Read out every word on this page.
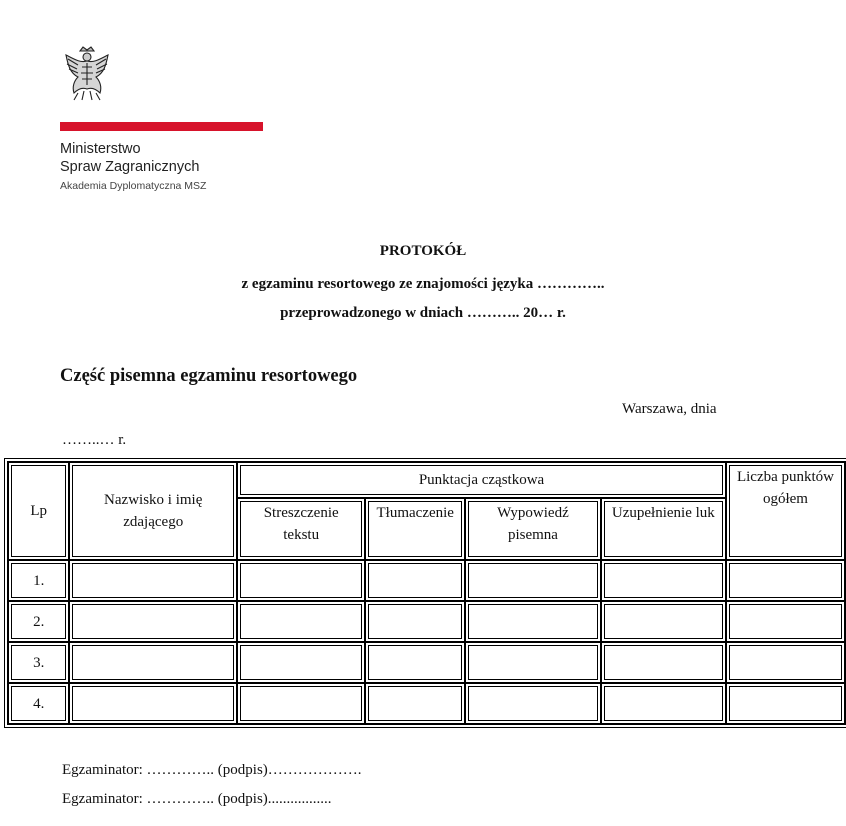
Ministerstwo
Spraw Zagranicznych
Akademia Dyplomatyczna MSZ
PROTOKÓŁ
z egzaminu resortowego ze znajomości języka …………..
przeprowadzonego w dniach ……….. 20… r.
Część pisemna egzaminu resortowego
Warszawa, dnia
……..… r.
Lp	Nazwisko i imię zdającego	Punktacja cząstkowa				Liczba punktów ogółem
		Streszczenie tekstu	Tłumaczenie	Wypowiedź pisemna	Uzupełnienie luk	
1.						
2.						
3.						
4.						
Egzaminator: ………….. (podpis)……………….
Egzaminator: ………….. (podpis).................
